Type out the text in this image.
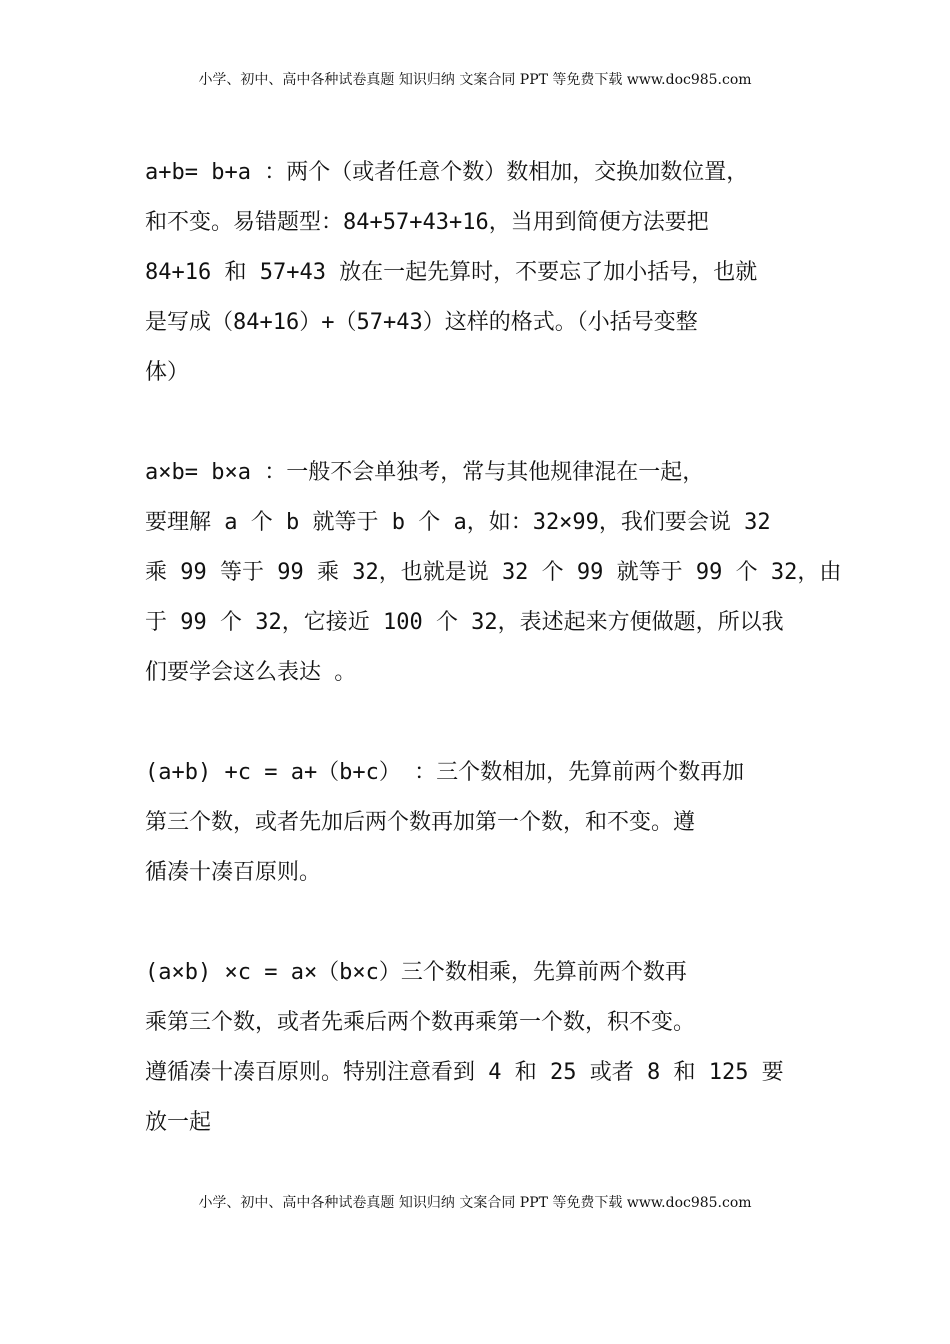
小学、初中、高中各种试卷真题 知识归纳 文案合同 PPT 等免费下载 www.doc985.com
a+b= b+a ：两个（或者任意个数）数相加，交换加数位置，
和不变。易错题型：84+57+43+16，当用到简便方法要把
84+16 和 57+43 放在一起先算时，不要忘了加小括号，也就
是写成（84+16）+（57+43）这样的格式。（小括号变整
体）
a×b= b×a ：一般不会单独考，常与其他规律混在一起，
要理解 a 个 b 就等于 b 个 a，如：32×99，我们要会说 32
乘 99 等于 99 乘 32，也就是说 32 个 99 就等于 99 个 32，由
于 99 个 32，它接近 100 个 32，表述起来方便做题，所以我
们要学会这么表达 。
(a+b) +c = a+（b+c） ：三个数相加，先算前两个数再加
第三个数，或者先加后两个数再加第一个数，和不变。遵
循凑十凑百原则。
(a×b) ×c = a×（b×c）三个数相乘，先算前两个数再
乘第三个数，或者先乘后两个数再乘第一个数，积不变。
遵循凑十凑百原则。特别注意看到 4 和 25 或者 8 和 125 要
放一起
小学、初中、高中各种试卷真题 知识归纳 文案合同 PPT 等免费下载 www.doc985.com
